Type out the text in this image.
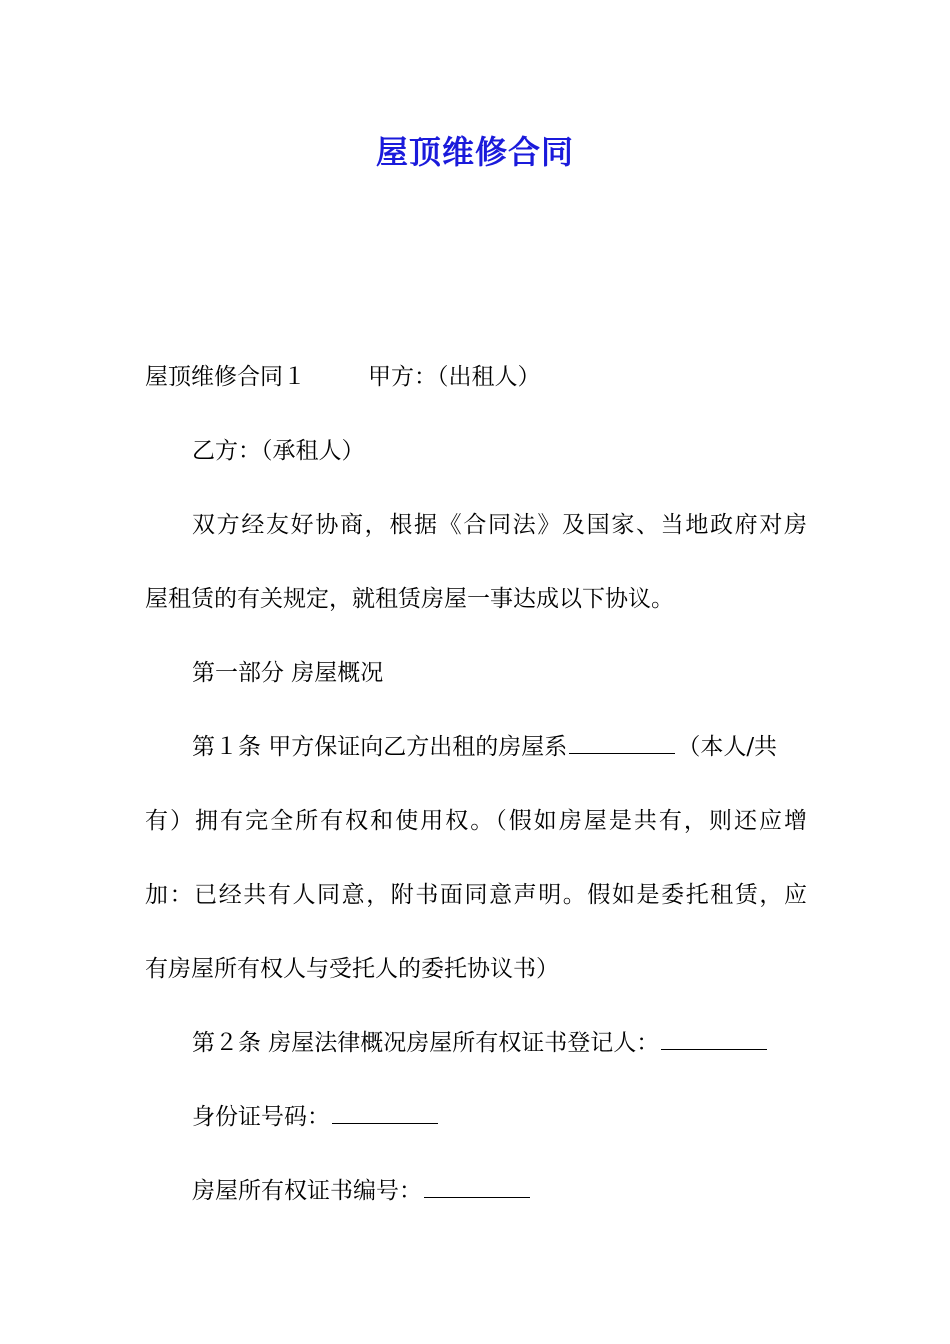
屋顶维修合同

屋顶维修合同１	甲方：（出租人）

乙方：（承租人）

双方经友好协商，根据《合同法》及国家、当地政府对房

屋租赁的有关规定，就租赁房屋一事达成以下协议。

第一部分 房屋概况

第１条 甲方保证向乙方出租的房屋系	（本人/共

有）拥有完全所有权和使用权。（假如房屋是共有，则还应增

加：已经共有人同意，附书面同意声明。假如是委托租赁，应

有房屋所有权人与受托人的委托协议书）

第２条 房屋法律概况房屋所有权证书登记人：

身份证号码：

房屋所有权证书编号：
